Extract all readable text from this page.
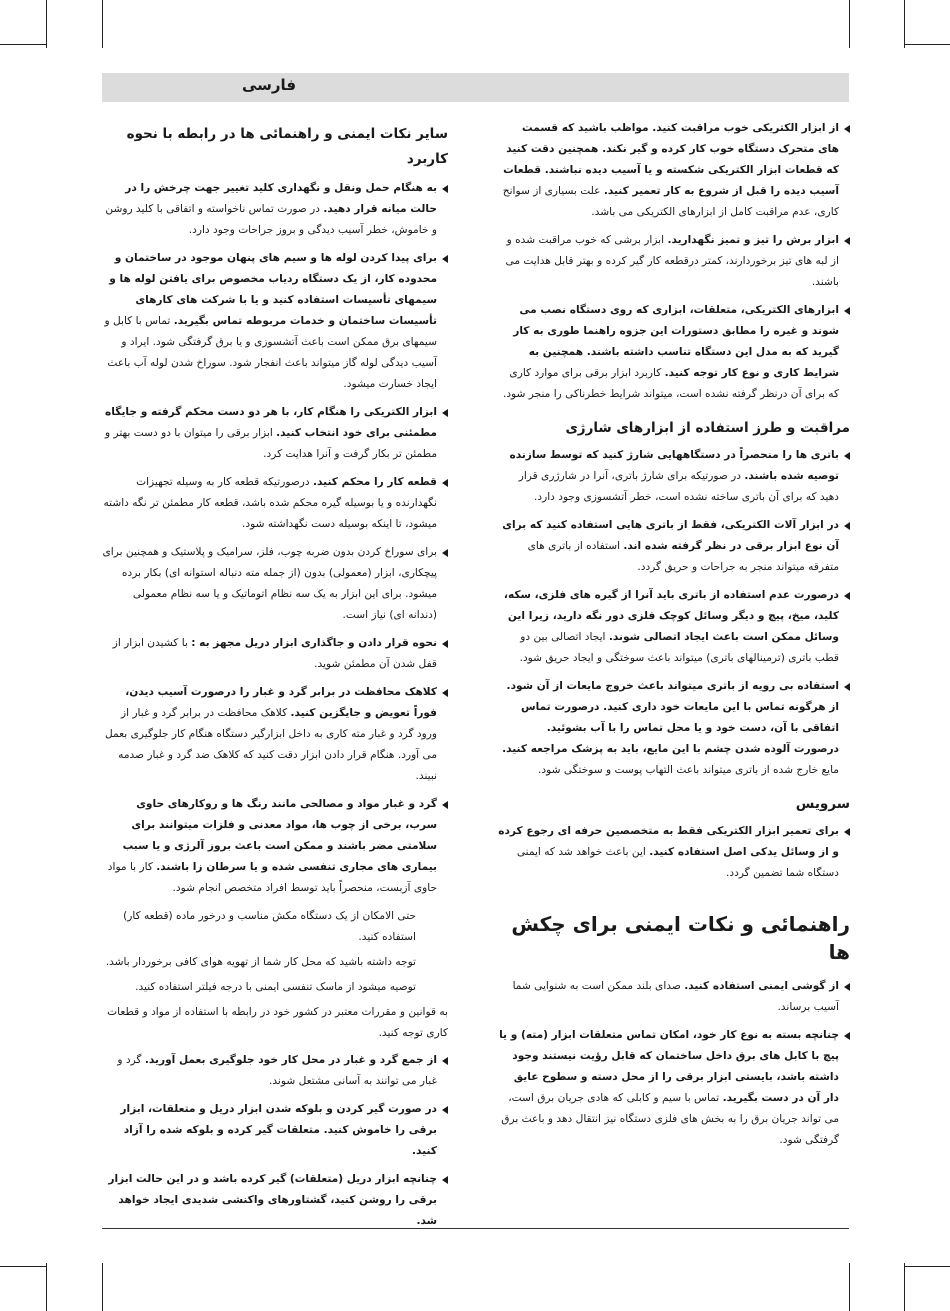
فارسی
از ابزار الکتریکی خوب مراقبت کنید. مواظب باشید که قسمت های متحرک دستگاه خوب کار کرده و گیر نکند. همچنین دقت کنید که قطعات ابزار الکتریکی شکسته و یا آسیب دیده نباشند. قطعات آسیب دیده را قبل از شروع به کار تعمیر کنید. علت بسیاری از سوانح کاری، عدم مراقبت کامل از ابزارهای الکتریکی می باشد.
ابزار برش را تیز و تمیز نگهدارید. ابزار برشی که خوب مراقبت شده و از لبه های تیز برخوردارند، کمتر درقطعه کار گیر کرده و بهتر قابل هدایت می باشند.
ابزارهای الکتریکی، متعلقات، ابزاری که روی دستگاه نصب می شوند و غیره را مطابق دستورات این جزوه راهنما طوری به کار گیرید که به مدل این دستگاه تناسب داشته باشند. همچنین به شرایط کاری و نوع کار توجه کنید. کاربرد ابزار برقی برای موارد کاری که برای آن درنظر گرفته نشده است، میتواند شرایط خطرناکی را منجر شود.
مراقبت و طرز استفاده از ابزارهای شارژی
باتری ها را منحصراً در دستگاههایی شارژ کنید که توسط سازنده توصیه شده باشند. در صورتیکه برای شارژ باتری، آنرا در شارژری قرار دهید که برای آن باتری ساخته نشده است، خطر آتشسوزی وجود دارد.
در ابزار آلات الکتریکی، فقط از باتری هایی استفاده کنید که برای آن نوع ابزار برقی در نظر گرفته شده اند. استفاده از باتری های متفرقه میتواند منجر به جراحات و حریق گردد.
درصورت عدم استفاده از باتری باید آنرا از گیره های فلزی، سکه، کلید، میخ، پیچ و دیگر وسائل کوچک فلزی دور نگه دارید، زیرا این وسائل ممکن است باعث ایجاد اتصالی شوند. ایجاد اتصالی بین دو قطب باتری (ترمینالهای باتری) میتواند باعث سوختگی و ایجاد حریق شود.
استفاده بی رویه از باتری میتواند باعث خروج مایعات از آن شود. از هرگونه تماس با این مایعات خود داری کنید. درصورت تماس اتفاقی با آن، دست خود و یا محل تماس را با آب بشوئید. درصورت آلوده شدن چشم با این مایع، باید به پزشک مراجعه کنید. مایع خارج شده از باتری میتواند باعث التهاب پوست و سوختگی شود.
سرویس
برای تعمیر ابزار الکتریکی فقط به متخصصین حرفه ای رجوع کرده و از وسائل یدکی اصل استفاده کنید. این باعث خواهد شد که ایمنی دستگاه شما تضمین گردد.
راهنمائی و نکات ایمنی برای چکش ها
از گوشی ایمنی استفاده کنید. صدای بلند ممکن است به شنوایی شما آسیب برساند.
چنانچه بسته به نوع کار خود، امکان تماس متعلقات ابزار (مته) و یا پیچ با کابل های برق داخل ساختمان که قابل رؤیت نیستند وجود داشته باشد، بایستی ابزار برقی را از محل دسته و سطوح عایق دار آن در دست بگیرید. تماس با سیم و کابلی که هادی جریان برق است، می تواند جریان برق را به بخش های فلزی دستگاه نیز انتقال دهد و باعث برق گرفتگی شود.
سایر نکات ایمنی و راهنمائی ها در رابطه با نحوه کاربرد
به هنگام حمل ونقل و نگهداری کلید تغییر جهت چرخش را در حالت میانه قرار دهید. در صورت تماس ناخواسته و اتفاقی با کلید روشن و خاموش، خطر آسیب دیدگی و بروز جراحات وجود دارد.
برای پیدا کردن لوله ها و سیم های پنهان موجود در ساختمان و محدوده کار، از یک دستگاه ردیاب مخصوص برای یافتن لوله ها و سیمهای تأسیسات استفاده کنید و یا با شرکت های کارهای تأسیسات ساختمان و خدمات مربوطه تماس بگیرید. تماس با کابل و سیمهای برق ممکن است باعث آتشسوزی و یا برق گرفتگی شود. ایراد و آسیب دیدگی لوله گاز میتواند باعث انفجار شود. سوراخ شدن لوله آب باعث ایجاد خسارت میشود.
ابزار الکتریکی را هنگام کار، با هر دو دست محکم گرفته و جایگاه مطمئنی برای خود انتخاب کنید. ابزار برقی را میتوان با دو دست بهتر و مطمئن تر بکار گرفت و آنرا هدایت کرد.
قطعه کار را محکم کنید. درصورتیکه قطعه کار به وسیله تجهیزات نگهدارنده و یا بوسیله گیره محکم شده باشد، قطعه کار مطمئن تر نگه داشته میشود، تا اینکه بوسیله دست نگهداشته شود.
برای سوراخ کردن بدون ضربه چوب، فلز، سرامیک و پلاستیک و همچنین برای پیچکاری، ابزار (معمولی) بدون (از جمله مته دنباله استوانه ای) بکار برده میشود. برای این ابزار به یک سه نظام اتوماتیک و یا سه نظام معمولی (دندانه ای) نیاز است.
نحوه قرار دادن و جاگذاری ابزار دریل مجهز به : با کشیدن ابزار از قفل شدن آن مطمئن شوید.
کلاهک محافظت در برابر گرد و غبار را درصورت آسیب دیدن، فوراً تعویض و جایگزین کنید. کلاهک محافظت در برابر گرد و غبار از ورود گرد و غبار مته کاری به داخل ابزارگیر دستگاه هنگام کار جلوگیری بعمل می آورد. هنگام قرار دادن ابزار دقت کنید که کلاهک ضد گرد و غبار صدمه نبیند.
گرد و غبار مواد و مصالحی مانند رنگ ها و روکارهای حاوی سرب، برخی از چوب ها، مواد معدنی و فلزات میتوانند برای سلامتی مضر باشند و ممکن است باعث بروز آلرژی و یا سبب بیماری های مجاری تنفسی شده و یا سرطان زا باشند. کار با مواد حاوی آزبست، منحصراً باید توسط افراد متخصص انجام شود.
حتی الامکان از یک دستگاه مکش مناسب و درخور ماده (قطعه کار) استفاده کنید.
توجه داشته باشید که محل کار شما از تهویه هوای کافی برخوردار باشد.
توصیه میشود از ماسک تنفسی ایمنی با درجه فیلتر استفاده کنید.
به قوانین و مقررات معتبر در کشور خود در رابطه با استفاده از مواد و قطعات کاری توجه کنید.
از جمع گرد و غبار در محل کار خود جلوگیری بعمل آورید. گرد و غبار می توانند به آسانی مشتعل شوند.
در صورت گیر کردن و بلوکه شدن ابزار دریل و متعلقات، ابزار برقی را خاموش کنید. متعلقات گیر کرده و بلوکه شده را آزاد کنید.
چنانچه ابزار دریل (متعلقات) گیر کرده باشد و در این حالت ابزار برقی را روشن کنید، گشتاورهای واکنشی شدیدی ایجاد خواهد شد.
